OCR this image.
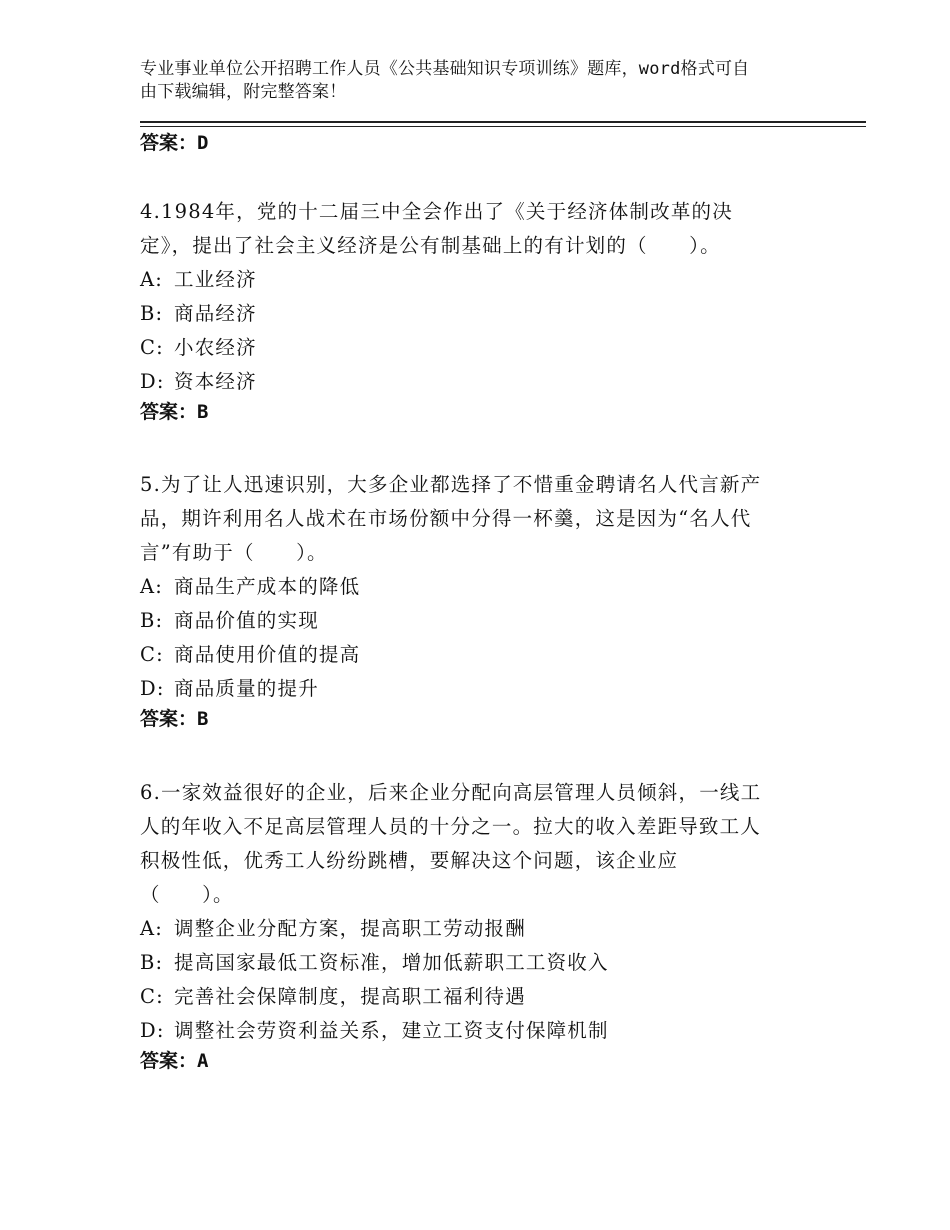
专业事业单位公开招聘工作人员《公共基础知识专项训练》题库，word格式可自
由下载编辑，附完整答案！
答案：D

4.1984年，党的十二届三中全会作出了《关于经济体制改革的决

定》，提出了社会主义经济是公有制基础上的有计划的（　　）。

A: 工业经济

B: 商品经济

C: 小农经济

D: 资本经济

答案：B

5.为了让人迅速识别，大多企业都选择了不惜重金聘请名人代言新产

品，期许利用名人战术在市场份额中分得一杯羹，这是因为“名人代

言”有助于（　　）。

A: 商品生产成本的降低

B: 商品价值的实现

C: 商品使用价值的提高

D: 商品质量的提升

答案：B

6.一家效益很好的企业，后来企业分配向高层管理人员倾斜，一线工

人的年收入不足高层管理人员的十分之一。拉大的收入差距导致工人

积极性低，优秀工人纷纷跳槽，要解决这个问题，该企业应

（　　）。

A: 调整企业分配方案，提高职工劳动报酬

B: 提高国家最低工资标准，增加低薪职工工资收入

C: 完善社会保障制度，提高职工福利待遇

D: 调整社会劳资利益关系，建立工资支付保障机制

答案：A
